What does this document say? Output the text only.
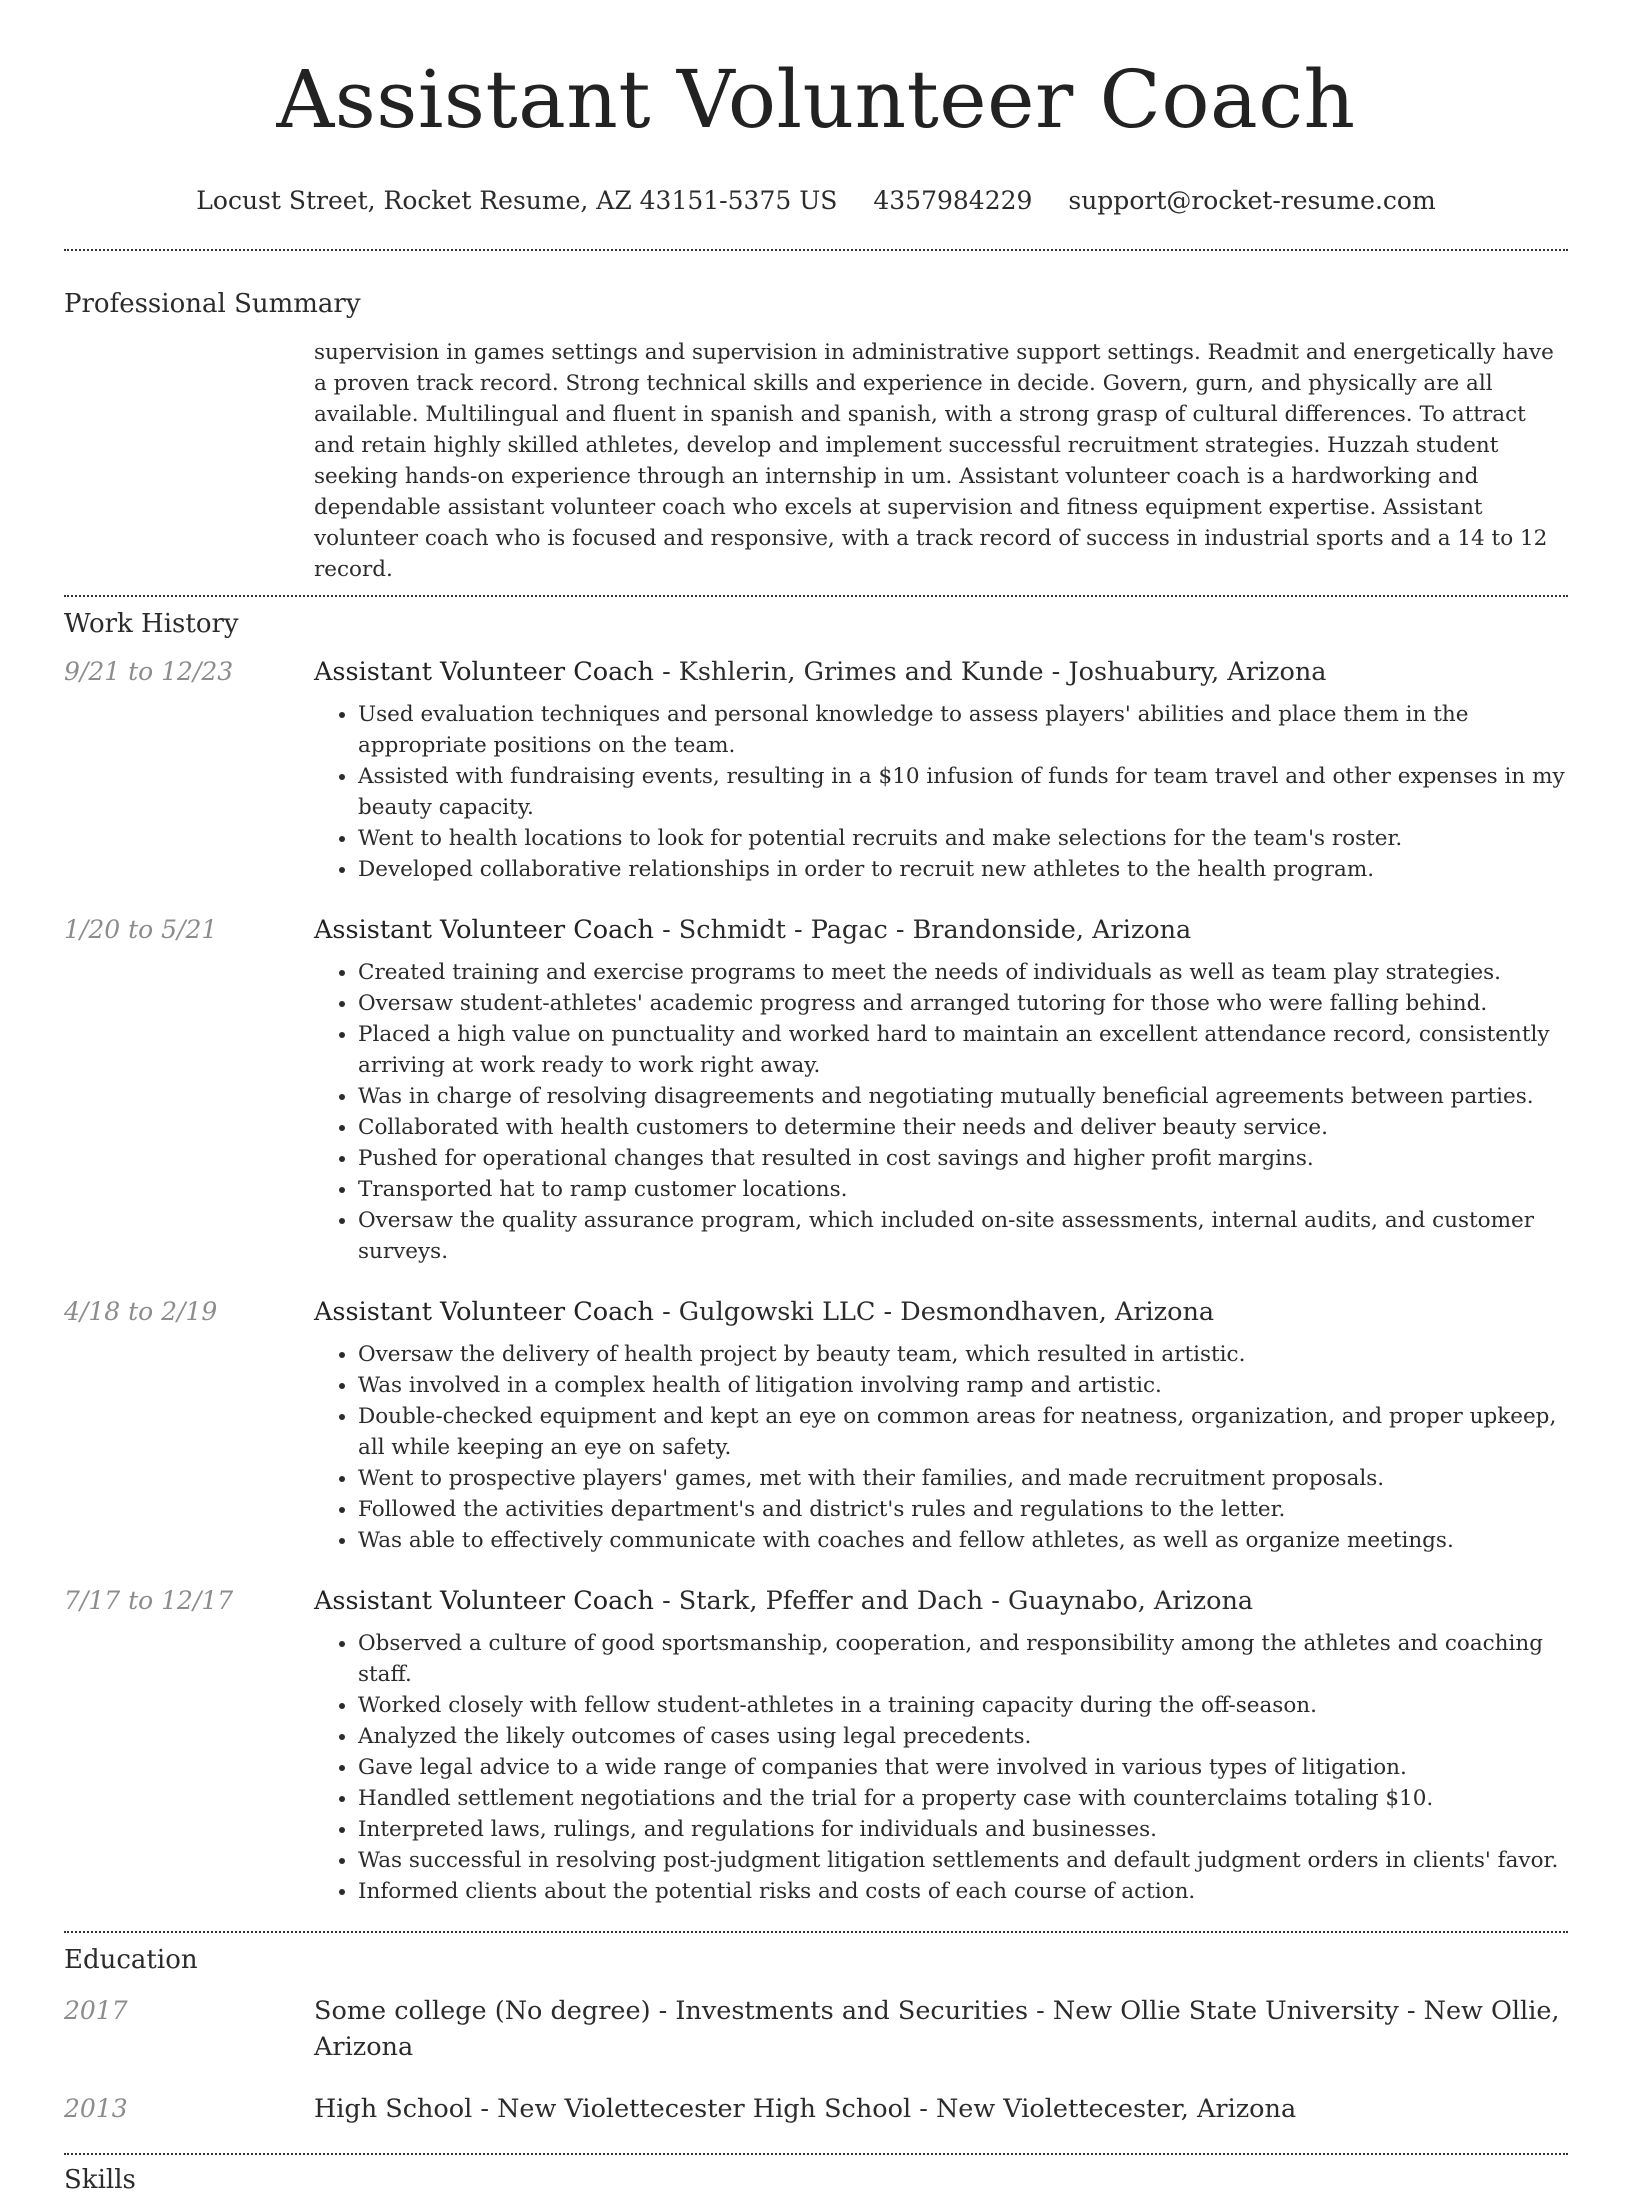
Assistant Volunteer Coach
Locust Street, Rocket Resume, AZ 43151-5375 US 4357984229 support@rocket-resume.com
Professional Summary
supervision in games settings and supervision in administrative support settings. Readmit and energetically have a proven track record. Strong technical skills and experience in decide. Govern, gurn, and physically are all available. Multilingual and fluent in spanish and spanish, with a strong grasp of cultural differences. To attract and retain highly skilled athletes, develop and implement successful recruitment strategies. Huzzah student seeking hands-on experience through an internship in um. Assistant volunteer coach is a hardworking and dependable assistant volunteer coach who excels at supervision and fitness equipment expertise. Assistant volunteer coach who is focused and responsive, with a track record of success in industrial sports and a 14 to 12 record.
Work History
9/21 to 12/23	Assistant Volunteer Coach - Kshlerin, Grimes and Kunde - Joshuabury, Arizona
• Used evaluation techniques and personal knowledge to assess players' abilities and place them in the appropriate positions on the team.
• Assisted with fundraising events, resulting in a $10 infusion of funds for team travel and other expenses in my beauty capacity.
• Went to health locations to look for potential recruits and make selections for the team's roster.
• Developed collaborative relationships in order to recruit new athletes to the health program.
1/20 to 5/21	Assistant Volunteer Coach - Schmidt - Pagac - Brandonside, Arizona
• Created training and exercise programs to meet the needs of individuals as well as team play strategies.
• Oversaw student-athletes' academic progress and arranged tutoring for those who were falling behind.
• Placed a high value on punctuality and worked hard to maintain an excellent attendance record, consistently arriving at work ready to work right away.
• Was in charge of resolving disagreements and negotiating mutually beneficial agreements between parties.
• Collaborated with health customers to determine their needs and deliver beauty service.
• Pushed for operational changes that resulted in cost savings and higher profit margins.
• Transported hat to ramp customer locations.
• Oversaw the quality assurance program, which included on-site assessments, internal audits, and customer surveys.
4/18 to 2/19	Assistant Volunteer Coach - Gulgowski LLC - Desmondhaven, Arizona
• Oversaw the delivery of health project by beauty team, which resulted in artistic.
• Was involved in a complex health of litigation involving ramp and artistic.
• Double-checked equipment and kept an eye on common areas for neatness, organization, and proper upkeep, all while keeping an eye on safety.
• Went to prospective players' games, met with their families, and made recruitment proposals.
• Followed the activities department's and district's rules and regulations to the letter.
• Was able to effectively communicate with coaches and fellow athletes, as well as organize meetings.
7/17 to 12/17	Assistant Volunteer Coach - Stark, Pfeffer and Dach - Guaynabo, Arizona
• Observed a culture of good sportsmanship, cooperation, and responsibility among the athletes and coaching staff.
• Worked closely with fellow student-athletes in a training capacity during the off-season.
• Analyzed the likely outcomes of cases using legal precedents.
• Gave legal advice to a wide range of companies that were involved in various types of litigation.
• Handled settlement negotiations and the trial for a property case with counterclaims totaling $10.
• Interpreted laws, rulings, and regulations for individuals and businesses.
• Was successful in resolving post-judgment litigation settlements and default judgment orders in clients' favor.
• Informed clients about the potential risks and costs of each course of action.
Education
2017	Some college (No degree) - Investments and Securities - New Ollie State University - New Ollie, Arizona
2013	High School - New Violettecester High School - New Violettecester, Arizona
Skills
